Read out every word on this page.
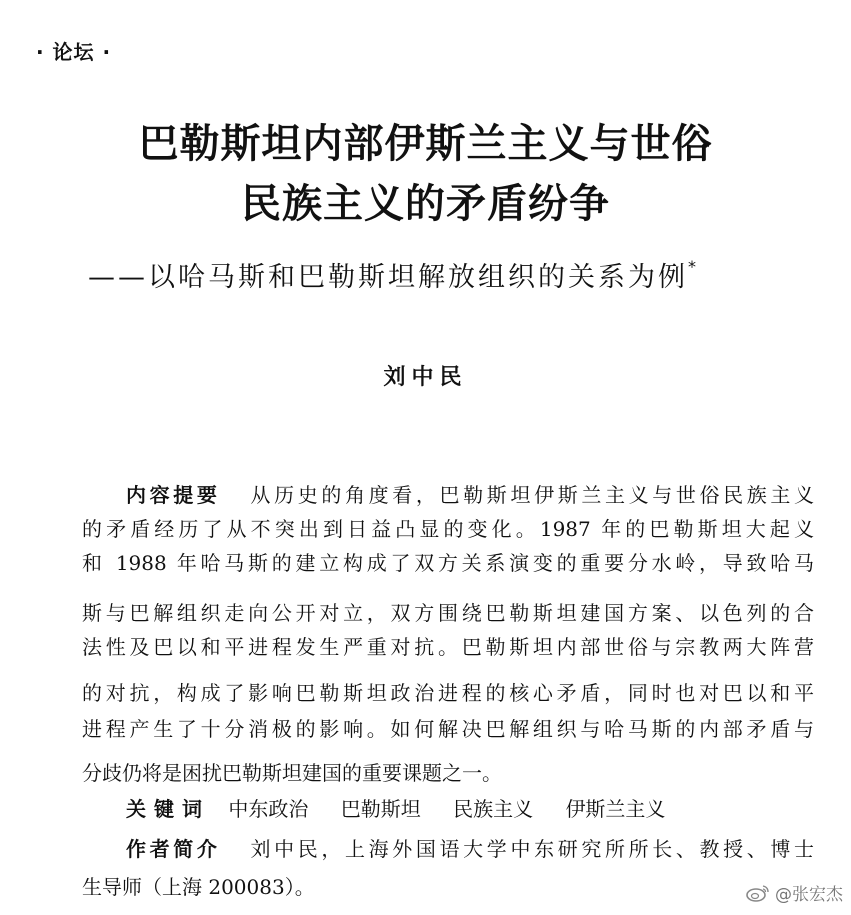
· 论坛 ·
巴勒斯坦内部伊斯兰主义与世俗
民族主义的矛盾纷争
——以哈马斯和巴勒斯坦解放组织的关系为例*
刘中民
内容提要 从历史的角度看，巴勒斯坦伊斯兰主义与世俗民族主义
的矛盾经历了从不突出到日益凸显的变化。1987 年的巴勒斯坦大起义
和 1988 年哈马斯的建立构成了双方关系演变的重要分水岭，导致哈马
斯与巴解组织走向公开对立，双方围绕巴勒斯坦建国方案、以色列的合
法性及巴以和平进程发生严重对抗。巴勒斯坦内部世俗与宗教两大阵营
的对抗，构成了影响巴勒斯坦政治进程的核心矛盾，同时也对巴以和平
进程产生了十分消极的影响。如何解决巴解组织与哈马斯的内部矛盾与
分歧仍将是困扰巴勒斯坦建国的重要课题之一。
关键词 中东政治 巴勒斯坦 民族主义 伊斯兰主义
作者简介 刘中民，上海外国语大学中东研究所所长、教授、博士
生导师（上海 200083）。	@张宏杰
